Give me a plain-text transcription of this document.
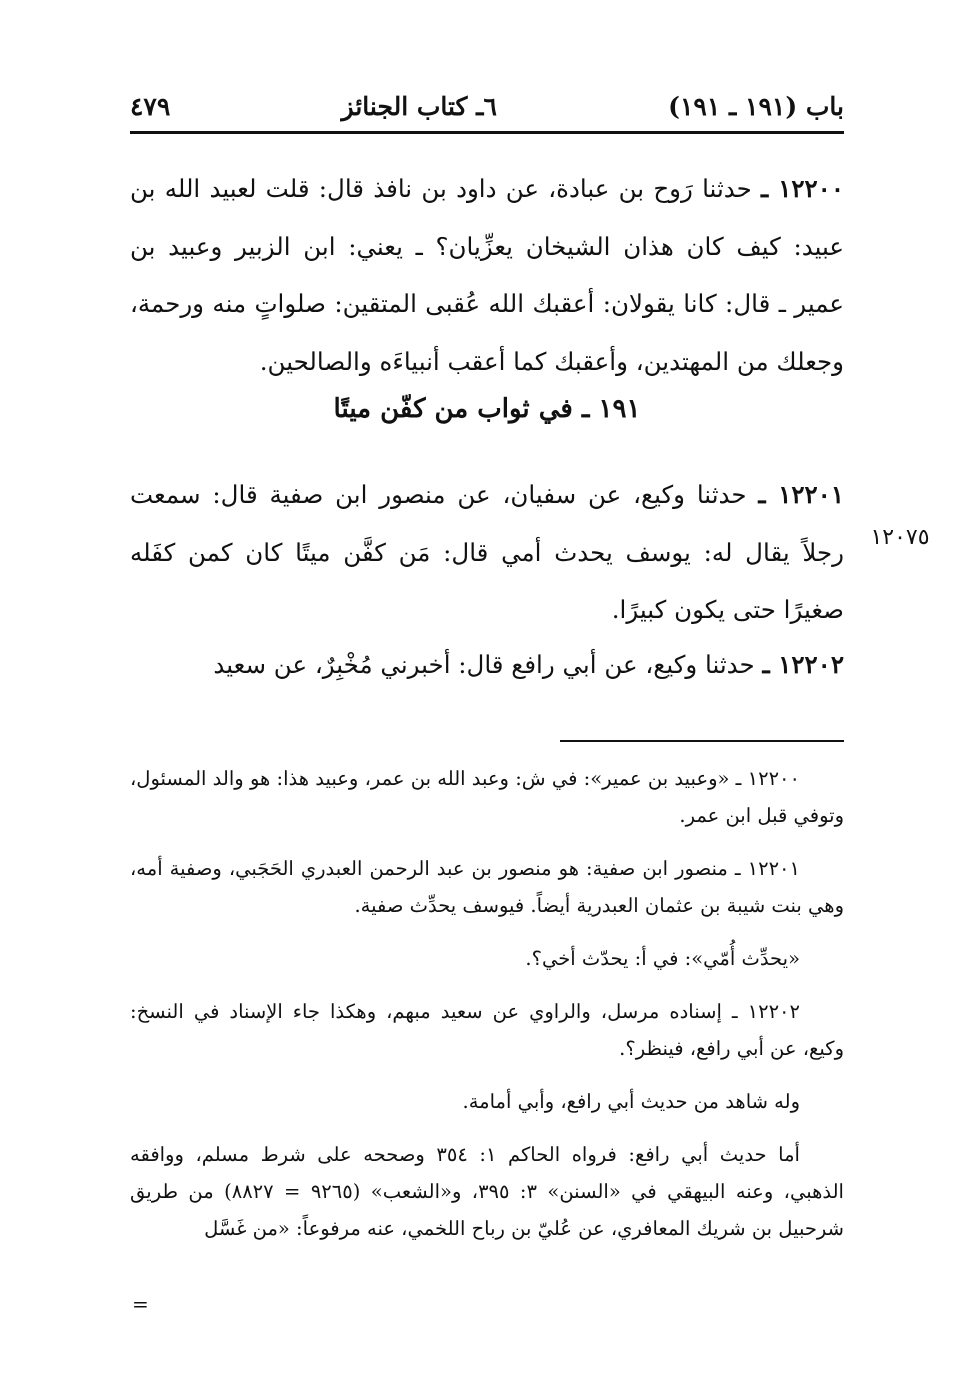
٤٧٩	٦ـ كتاب الجنائز	باب (١٩١ ـ ١٩١)

١٢٢٠٠ ـ حدثنا رَوح بن عبادة، عن داود بن نافذ قال: قلت لعبيد الله بن عبيد: كيف كان هذان الشيخان يعزِّيان؟ ـ يعني: ابن الزبير وعبيد بن عمير ـ قال: كانا يقولان: أعقبك الله عُقبى المتقين: صلواتٍ منه ورحمة، وجعلك من المهتدين، وأعقبك كما أعقب أنبياءَه والصالحين.

١٩١ ـ في ثواب من كفّن ميتًا

١٢٢٠١ ـ حدثنا وكيع، عن سفيان، عن منصور ابن صفية قال: سمعت رجلاً يقال له: يوسف يحدث أمي قال: مَن كفَّن ميتًا كان كمن كفَله صغيرًا حتى يكون كبيرًا.

١٢٠٧٥

١٢٢٠٢ ـ حدثنا وكيع، عن أبي رافع قال: أخبرني مُخْبِرٌ، عن سعيد

١٢٢٠٠ ـ «وعبيد بن عمير»: في ش: وعبد الله بن عمر، وعبيد هذا: هو والد المسئول، وتوفي قبل ابن عمر.

١٢٢٠١ ـ منصور ابن صفية: هو منصور بن عبد الرحمن العبدري الحَجَبي، وصفية أمه، وهي بنت شيبة بن عثمان العبدرية أيضاً. فيوسف يحدِّث صفية.

«يحدِّث أُمّي»: في أ: يحدّث أخي؟.

١٢٢٠٢ ـ إسناده مرسل، والراوي عن سعيد مبهم، وهكذا جاء الإسناد في النسخ: وكيع، عن أبي رافع، فينظر؟.

وله شاهد من حديث أبي رافع، وأبي أمامة.

أما حديث أبي رافع: فرواه الحاكم ١: ٣٥٤ وصححه على شرط مسلم، ووافقه الذهبي، وعنه البيهقي في «السنن» ٣: ٣٩٥، و«الشعب» (٩٢٦٥ = ٨٨٢٧) من طريق شرحبيل بن شريك المعافري، عن عُليّ بن رباح اللخمي، عنه مرفوعاً: «من غَسَّل

=
